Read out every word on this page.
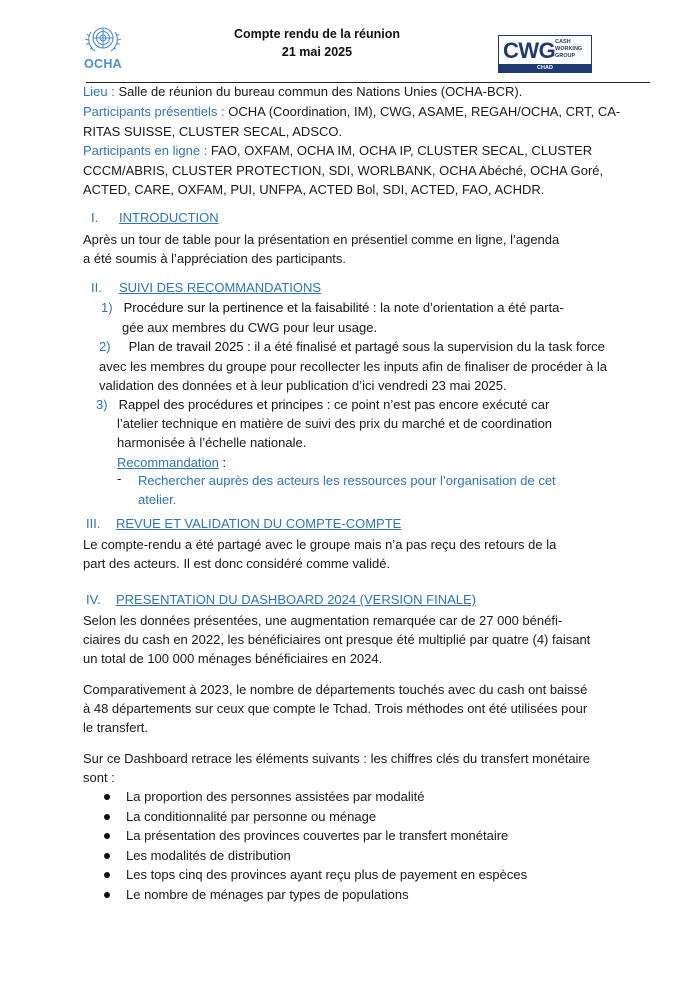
OCHA
Compte rendu de la réunion
21 mai 2025	CWG CASH
WORKING
GROUP
CHAD
Lieu : Salle de réunion du bureau commun des Nations Unies (OCHA-BCR).
Participants présentiels : OCHA (Coordination, IM), CWG, ASAME, REGAH/OCHA, CRT, CA-
RITAS SUISSE, CLUSTER SECAL, ADSCO.
Participants en ligne : FAO, OXFAM, OCHA IM, OCHA IP, CLUSTER SECAL, CLUSTER
CCCM/ABRIS, CLUSTER PROTECTION, SDI, WORLBANK, OCHA Abéché, OCHA Goré,
ACTED, CARE, OXFAM, PUI, UNFPA, ACTED Bol, SDI, ACTED, FAO, ACHDR.
I. INTRODUCTION
Après un tour de table pour la présentation en présentiel comme en ligne, l’agenda
a été soumis à l’appréciation des participants.
II. SUIVI DES RECOMMANDATIONS
1) Procédure sur la pertinence et la faisabilité : la note d’orientation a été parta-
gée aux membres du CWG pour leur usage.
2) Plan de travail 2025 : il a été finalisé et partagé sous la supervision du la task force
avec les membres du groupe pour recollecter les inputs afin de finaliser de procéder à la
validation des données et à leur publication d’ici vendredi 23 mai 2025.
3) Rappel des procédures et principes : ce point n’est pas encore exécuté car
l’atelier technique en matière de suivi des prix du marché et de coordination
harmonisée à l’échelle nationale.
Recommandation :
- Rechercher auprès des acteurs les ressources pour l’organisation de cet
atelier.
III. REVUE ET VALIDATION DU COMPTE-COMPTE
Le compte-rendu a été partagé avec le groupe mais n’a pas reçu des retours de la
part des acteurs. Il est donc considéré comme validé.
IV. PRESENTATION DU DASHBOARD 2024 (VERSION FINALE)
Selon les données présentées, une augmentation remarquée car de 27 000 bénéfi-
ciaires du cash en 2022, les bénéficiaires ont presque été multiplié par quatre (4) faisant
un total de 100 000 ménages bénéficiaires en 2024.
Comparativement à 2023, le nombre de départements touchés avec du cash ont baissé
à 48 départements sur ceux que compte le Tchad. Trois méthodes ont été utilisées pour
le transfert.
Sur ce Dashboard retrace les éléments suivants : les chiffres clés du transfert monétaire
sont :
La proportion des personnes assistées par modalité
La conditionnalité par personne ou ménage
La présentation des provinces couvertes par le transfert monétaire
Les modalités de distribution
Les tops cinq des provinces ayant reçu plus de payement en espèces
Le nombre de ménages par types de populations
